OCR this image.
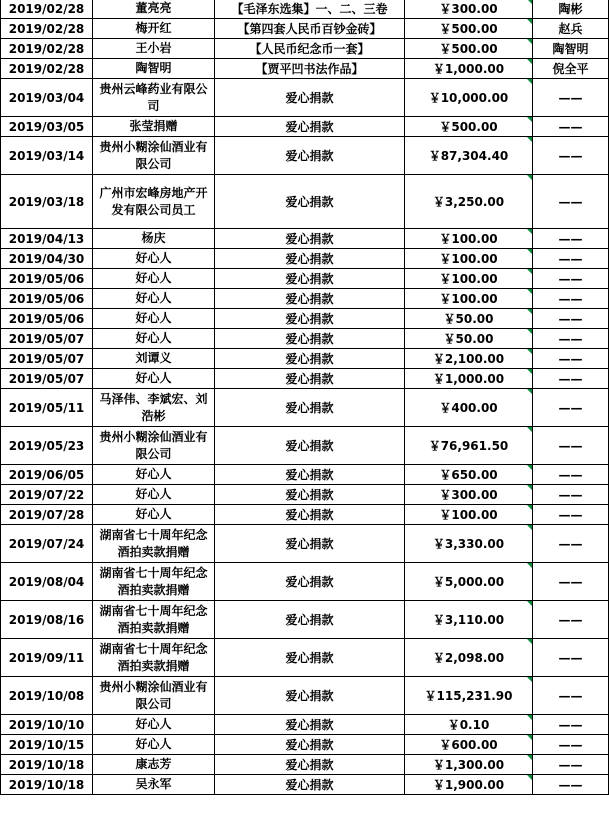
2019/02/28	董亮亮	【毛泽东选集】一、二、三卷	￥300.00	陶彬
2019/02/28	梅开红	【第四套人民币百钞金砖】	￥500.00	赵兵
2019/02/28	王小岩	【人民币纪念币一套】	￥500.00	陶智明
2019/02/28	陶智明	【贾平凹书法作品】	￥1,000.00	倪全平
2019/03/04	贵州云峰药业有限公司	爱心捐款	￥10,000.00	——
2019/03/05	张莹捐赠	爱心捐款	￥500.00	——
2019/03/14	贵州小糊涂仙酒业有限公司	爱心捐款	￥87,304.40	——
2019/03/18	广州市宏峰房地产开发有限公司员工	爱心捐款	￥3,250.00	——
2019/04/13	杨庆	爱心捐款	￥100.00	——
2019/04/30	好心人	爱心捐款	￥100.00	——
2019/05/06	好心人	爱心捐款	￥100.00	——
2019/05/06	好心人	爱心捐款	￥100.00	——
2019/05/06	好心人	爱心捐款	￥50.00	——
2019/05/07	好心人	爱心捐款	￥50.00	——
2019/05/07	刘谭义	爱心捐款	￥2,100.00	——
2019/05/07	好心人	爱心捐款	￥1,000.00	——
2019/05/11	马泽伟、李斌宏、刘浩彬	爱心捐款	￥400.00	——
2019/05/23	贵州小糊涂仙酒业有限公司	爱心捐款	￥76,961.50	——
2019/06/05	好心人	爱心捐款	￥650.00	——
2019/07/22	好心人	爱心捐款	￥300.00	——
2019/07/28	好心人	爱心捐款	￥100.00	——
2019/07/24	湖南省七十周年纪念酒拍卖款捐赠	爱心捐款	￥3,330.00	——
2019/08/04	湖南省七十周年纪念酒拍卖款捐赠	爱心捐款	￥5,000.00	——
2019/08/16	湖南省七十周年纪念酒拍卖款捐赠	爱心捐款	￥3,110.00	——
2019/09/11	湖南省七十周年纪念酒拍卖款捐赠	爱心捐款	￥2,098.00	——
2019/10/08	贵州小糊涂仙酒业有限公司	爱心捐款	￥115,231.90	——
2019/10/10	好心人	爱心捐款	￥0.10	——
2019/10/15	好心人	爱心捐款	￥600.00	——
2019/10/18	康志芳	爱心捐款	￥1,300.00	——
2019/10/18	吴永军	爱心捐款	￥1,900.00	——
